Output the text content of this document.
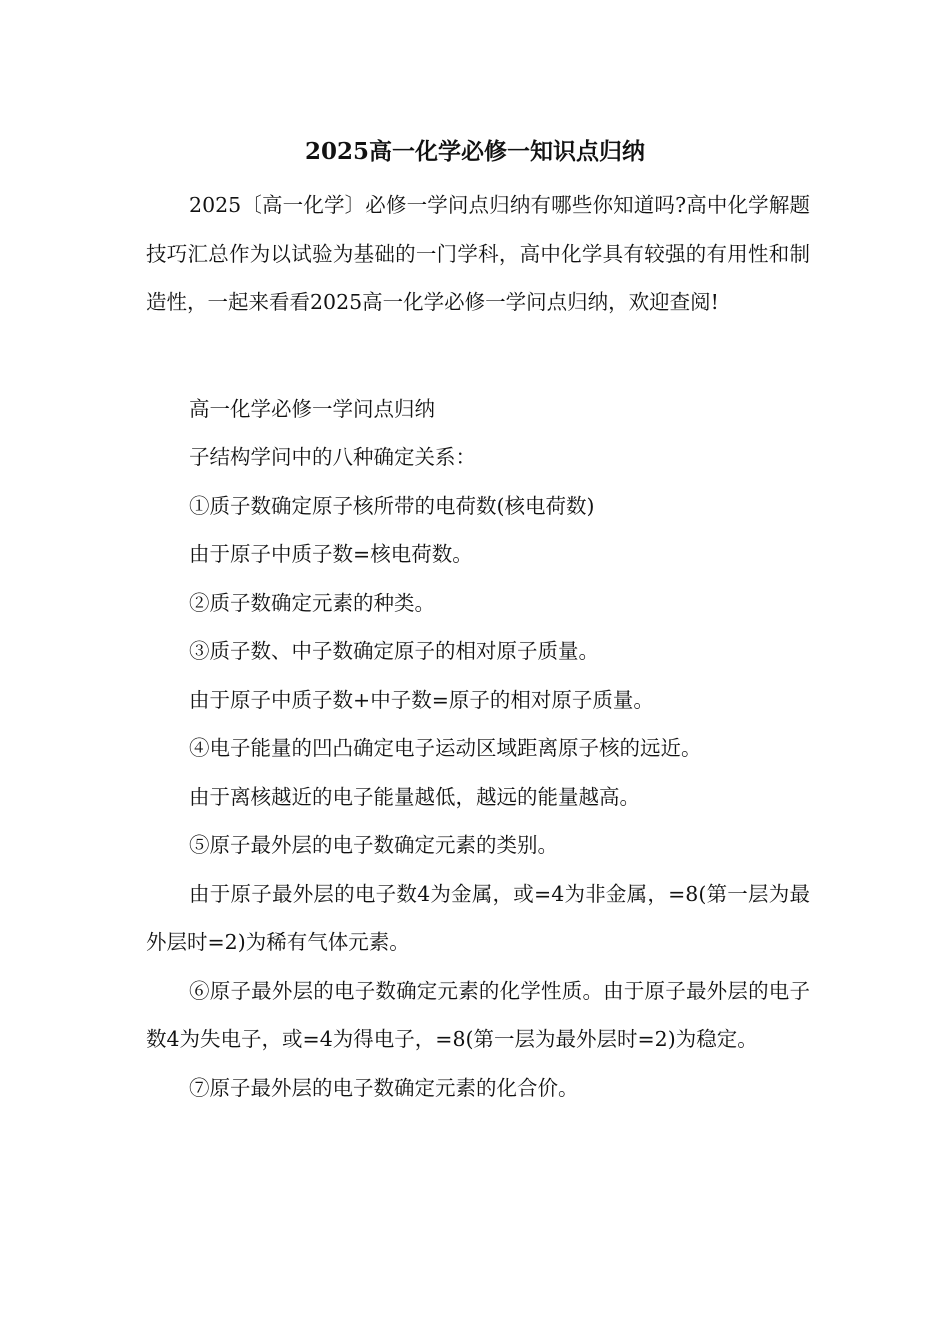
2025高一化学必修一知识点归纳

2025〔高一化学〕必修一学问点归纳有哪些你知道吗?高中化学解题技巧汇总作为以试验为基础的一门学科，高中化学具有较强的有用性和制造性，一起来看看2025高一化学必修一学问点归纳，欢迎查阅!

高一化学必修一学问点归纳

子结构学问中的八种确定关系：

①质子数确定原子核所带的电荷数(核电荷数)

由于原子中质子数=核电荷数。

②质子数确定元素的种类。

③质子数、中子数确定原子的相对原子质量。

由于原子中质子数+中子数=原子的相对原子质量。

④电子能量的凹凸确定电子运动区域距离原子核的远近。

由于离核越近的电子能量越低，越远的能量越高。

⑤原子最外层的电子数确定元素的类别。

由于原子最外层的电子数4为金属，或=4为非金属，=8(第一层为最外层时=2)为稀有气体元素。

⑥原子最外层的电子数确定元素的化学性质。由于原子最外层的电子数4为失电子，或=4为得电子，=8(第一层为最外层时=2)为稳定。

⑦原子最外层的电子数确定元素的化合价。
